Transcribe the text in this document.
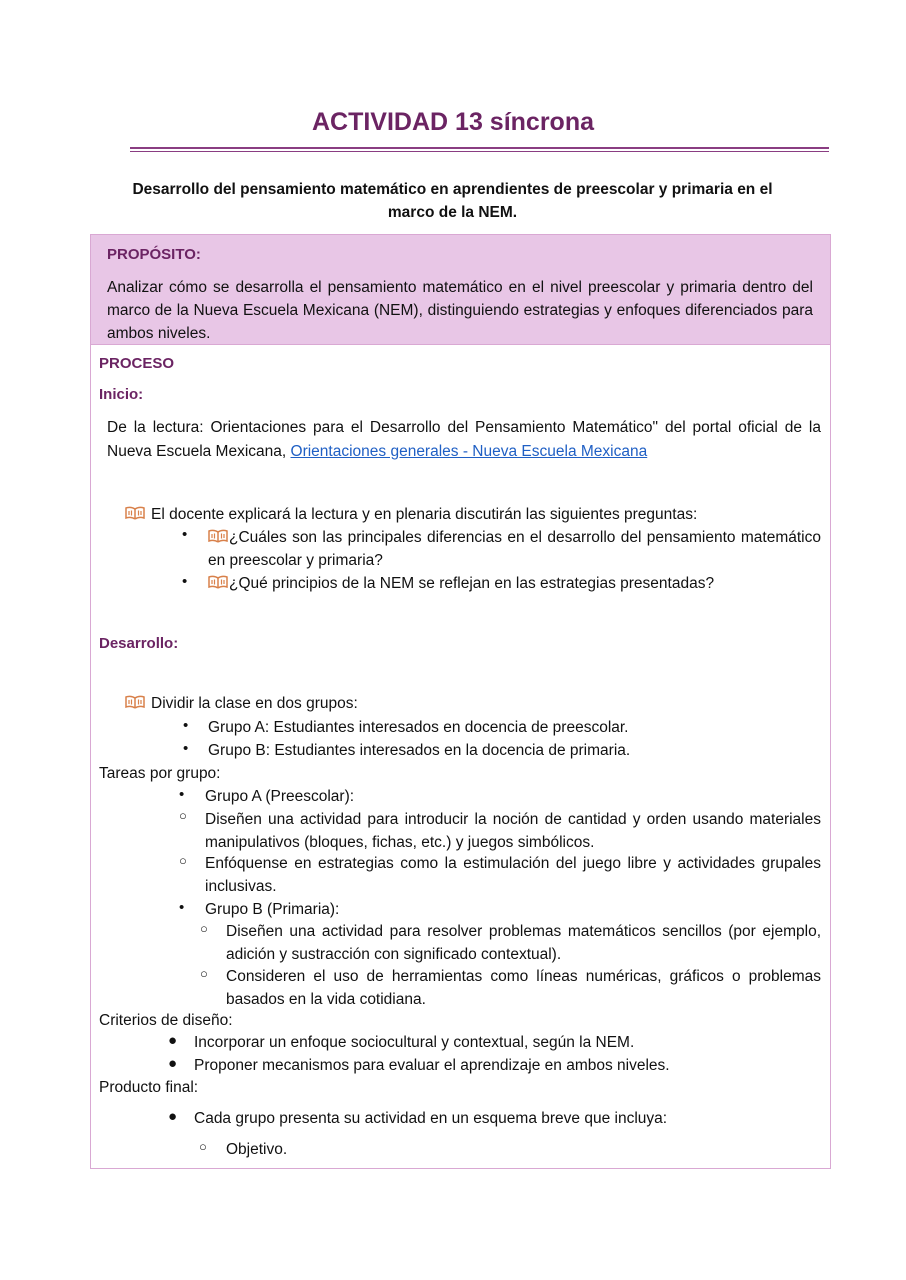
ACTIVIDAD 13 síncrona
Desarrollo del pensamiento matemático en aprendientes de preescolar y primaria en el marco de la NEM.
PROPÓSITO:
Analizar cómo se desarrolla el pensamiento matemático en el nivel preescolar y primaria dentro del marco de la Nueva Escuela Mexicana (NEM), distinguiendo estrategias y enfoques diferenciados para ambos niveles.
PROCESO
Inicio:
De la lectura: Orientaciones para el Desarrollo del Pensamiento Matemático" del portal oficial de la Nueva Escuela Mexicana, Orientaciones generales - Nueva Escuela Mexicana
El docente explicará la lectura y en plenaria discutirán las siguientes preguntas:
•	¿Cuáles son las principales diferencias en el desarrollo del pensamiento matemático en preescolar y primaria?
•	¿Qué principios de la NEM se reflejan en las estrategias presentadas?
Desarrollo:
Dividir la clase en dos grupos:
• Grupo A: Estudiantes interesados en docencia de preescolar.
• Grupo B: Estudiantes interesados en la docencia de primaria.
Tareas por grupo:
• Grupo A (Preescolar):
○ Diseñen una actividad para introducir la noción de cantidad y orden usando materiales manipulativos (bloques, fichas, etc.) y juegos simbólicos.
○ Enfóquense en estrategias como la estimulación del juego libre y actividades grupales inclusivas.
• Grupo B (Primaria):
○ Diseñen una actividad para resolver problemas matemáticos sencillos (por ejemplo, adición y sustracción con significado contextual).
○ Consideren el uso de herramientas como líneas numéricas, gráficos o problemas basados en la vida cotidiana.
Criterios de diseño:
● Incorporar un enfoque sociocultural y contextual, según la NEM.
● Proponer mecanismos para evaluar el aprendizaje en ambos niveles.
Producto final:
● Cada grupo presenta su actividad en un esquema breve que incluya:
○ Objetivo.
